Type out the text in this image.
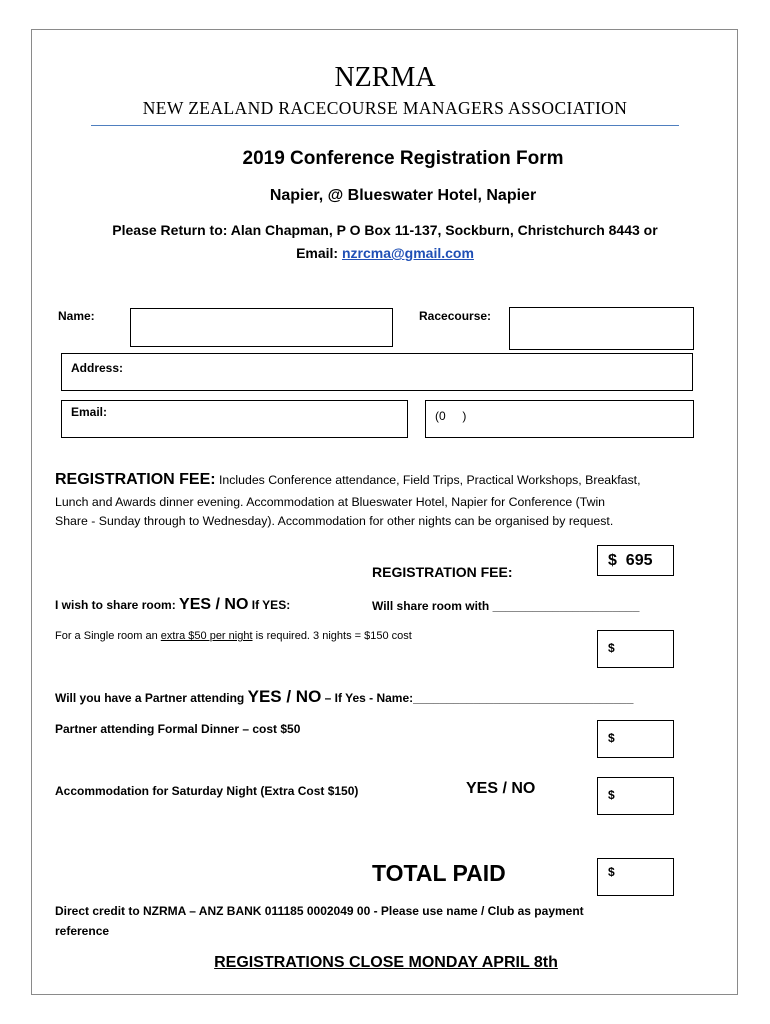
NZRMA
NEW ZEALAND RACECOURSE MANAGERS ASSOCIATION
2019 Conference Registration Form
Napier, @ Blueswater Hotel, Napier
Please Return to: Alan Chapman, P O Box 11-137, Sockburn, Christchurch 8443 or
Email: nzrcma@gmail.com
Name:	Racecourse:
Address:
Email:	(0     )
REGISTRATION FEE: Includes Conference attendance, Field Trips, Practical Workshops, Breakfast,
Lunch and Awards dinner evening. Accommodation at Blueswater Hotel, Napier for Conference (Twin
Share - Sunday through to Wednesday). Accommodation for other nights can be organised by request.
REGISTRATION FEE:
$  695
I wish to share room: YES / NO If YES:	Will share room with ______________________
For a Single room an extra $50 per night is required. 3 nights = $150 cost
$
Will you have a Partner attending YES / NO – If Yes - Name:_________________________________
Partner attending Formal Dinner – cost $50
$
Accommodation for Saturday Night (Extra Cost $150)	YES / NO	$
TOTAL PAID	$
Direct credit to NZRMA – ANZ BANK 011185 0002049 00 - Please use name / Club as payment
reference
REGISTRATIONS CLOSE MONDAY APRIL 8th
